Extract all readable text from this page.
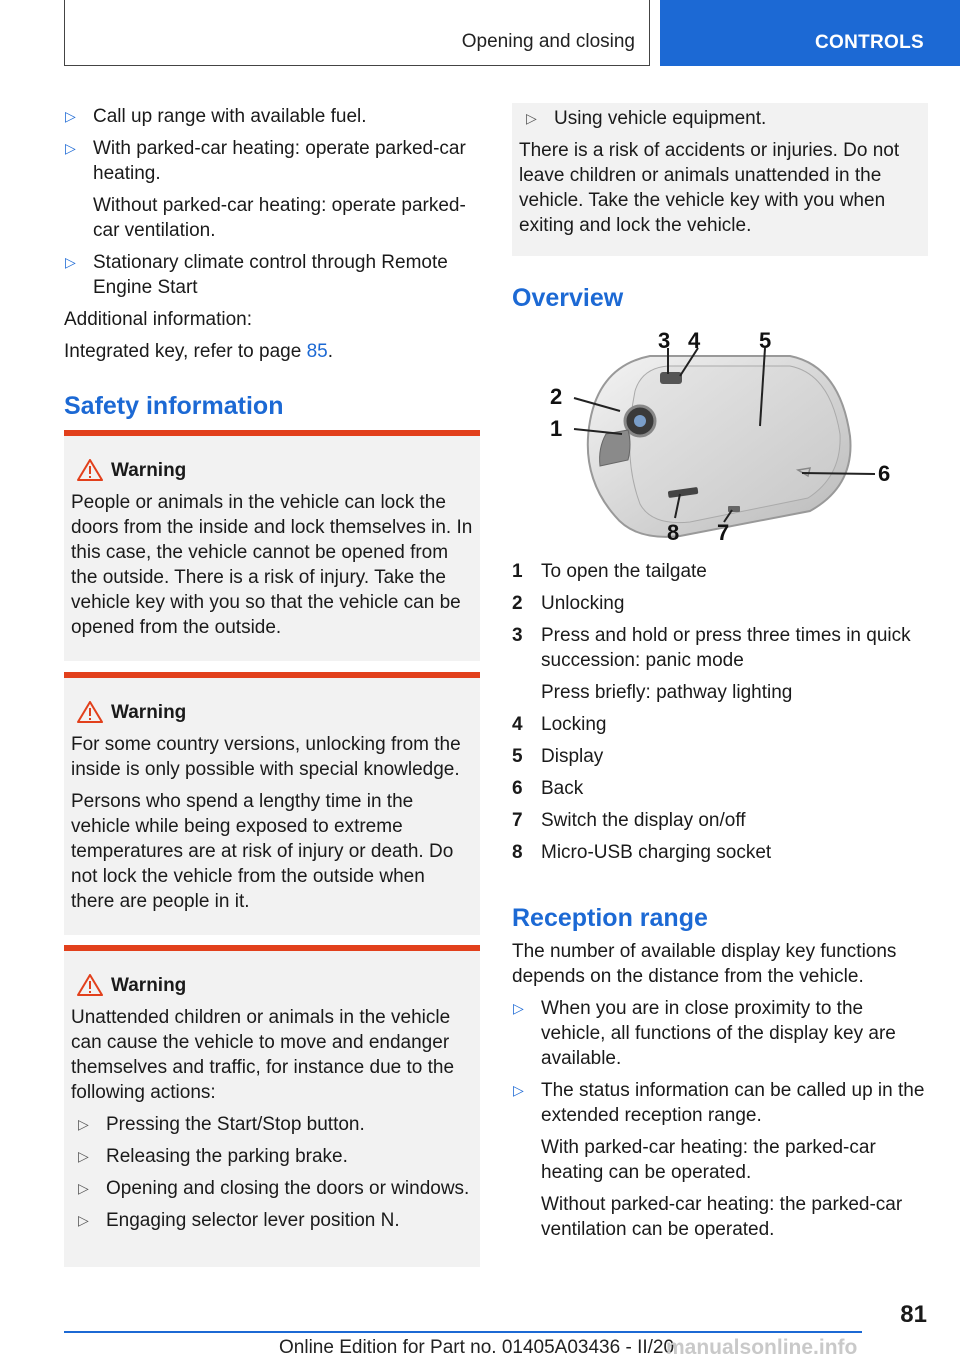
Opening and closing	CONTROLS
▷ Call up range with available fuel.
▷ With parked-car heating: operate parked-car heating.
Without parked-car heating: operate parked-car ventilation.
▷ Stationary climate control through Remote Engine Start
Additional information:
Integrated key, refer to page 85.
Safety information
Warning
People or animals in the vehicle can lock the doors from the inside and lock themselves in. In this case, the vehicle cannot be opened from the outside. There is a risk of injury. Take the vehicle key with you so that the vehicle can be opened from the outside.
Warning
For some country versions, unlocking from the inside is only possible with special knowledge.
Persons who spend a lengthy time in the vehicle while being exposed to extreme temperatures are at risk of injury or death. Do not lock the vehicle from the outside when there are people in it.
Warning
Unattended children or animals in the vehicle can cause the vehicle to move and endanger themselves and traffic, for instance due to the following actions:
▷ Pressing the Start/Stop button.
▷ Releasing the parking brake.
▷ Opening and closing the doors or windows.
▷ Engaging selector lever position N.
▷ Using vehicle equipment.
There is a risk of accidents or injuries. Do not leave children or animals unattended in the vehicle. Take the vehicle key with you when exiting and lock the vehicle.
Overview
1
2
3 4	5
6
7
8
1 To open the tailgate
2 Unlocking
3 Press and hold or press three times in quick succession: panic mode
Press briefly: pathway lighting
4 Locking
5 Display
6 Back
7 Switch the display on/off
8 Micro-USB charging socket
Reception range
The number of available display key functions depends on the distance from the vehicle.
▷ When you are in close proximity to the vehicle, all functions of the display key are available.
▷ The status information can be called up in the extended reception range.
With parked-car heating: the parked-car heating can be operated.
Without parked-car heating: the parked-car ventilation can be operated.
81
Online Edition for Part no. 01405A03436 - II/20
manualsonline.info
